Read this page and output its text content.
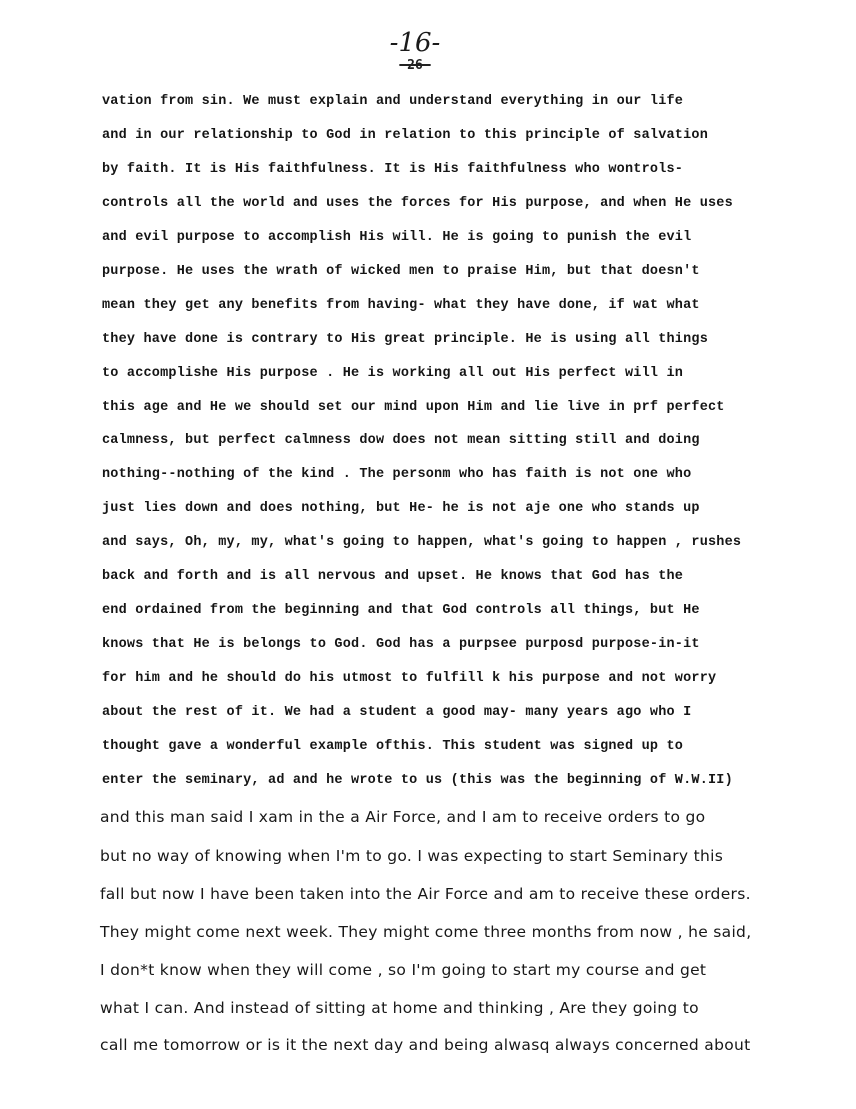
-16-
-26-

vation from sin. We must explain and understand everything in our life

and in our relationship to God in relation to this principle of salvation

by faith. It is His faithfulness. It is His faithfulness who wontrols-

controls all the world and uses the forces for His purpose, and when He uses

and evil purpose to accomplish His will. He is going to punish the evil

purpose. He uses the wrath of wicked men to praise Him, but that doesn't

mean they get any benefits from having- what they have done, if wat what

they have done is contrary to His great principle. He is using all things

to accomplishe His purpose . He is working all out His perfect will in

this age and He we should set our mind upon Him and lie live in prf perfect

calmness, but perfect calmness dow does not mean sitting still and doing

nothing--nothing of the kind . The personm who has faith is not one who

just lies down and does nothing, but He- he is not aje one who stands up

and says, Oh, my, my, what's going to happen, what's going to happen , rushes

back and forth and is all nervous and upset. He knows that God has the

end ordained from the beginning and that God controls all things, but He

knows that He is belongs to God. God has a purpsee purposd purpose-in-it

for him and he should do his utmost to fulfill k his purpose and not worry

about the rest of it. We had a student a good may- many years ago who I

thought gave a wonderful example ofthis. This student was signed up to

enter the seminary, ad and he wrote to us (this was the beginning of W.W.II)

and this man said I xam in the a Air Force, and I am to receive orders to go

but no way of knowing when I'm to go. I was expecting to start Seminary this

fall but now I have been taken into the Air Force and am to receive these orders.

They might come next week. They might come three months from now , he said,

I don*t know when they will come , so I'm going to start my course and get

what I can. And instead of sitting at home and thinking , Are they going to

call me tomorrow or is it the next day and being alwasq always concerned about
